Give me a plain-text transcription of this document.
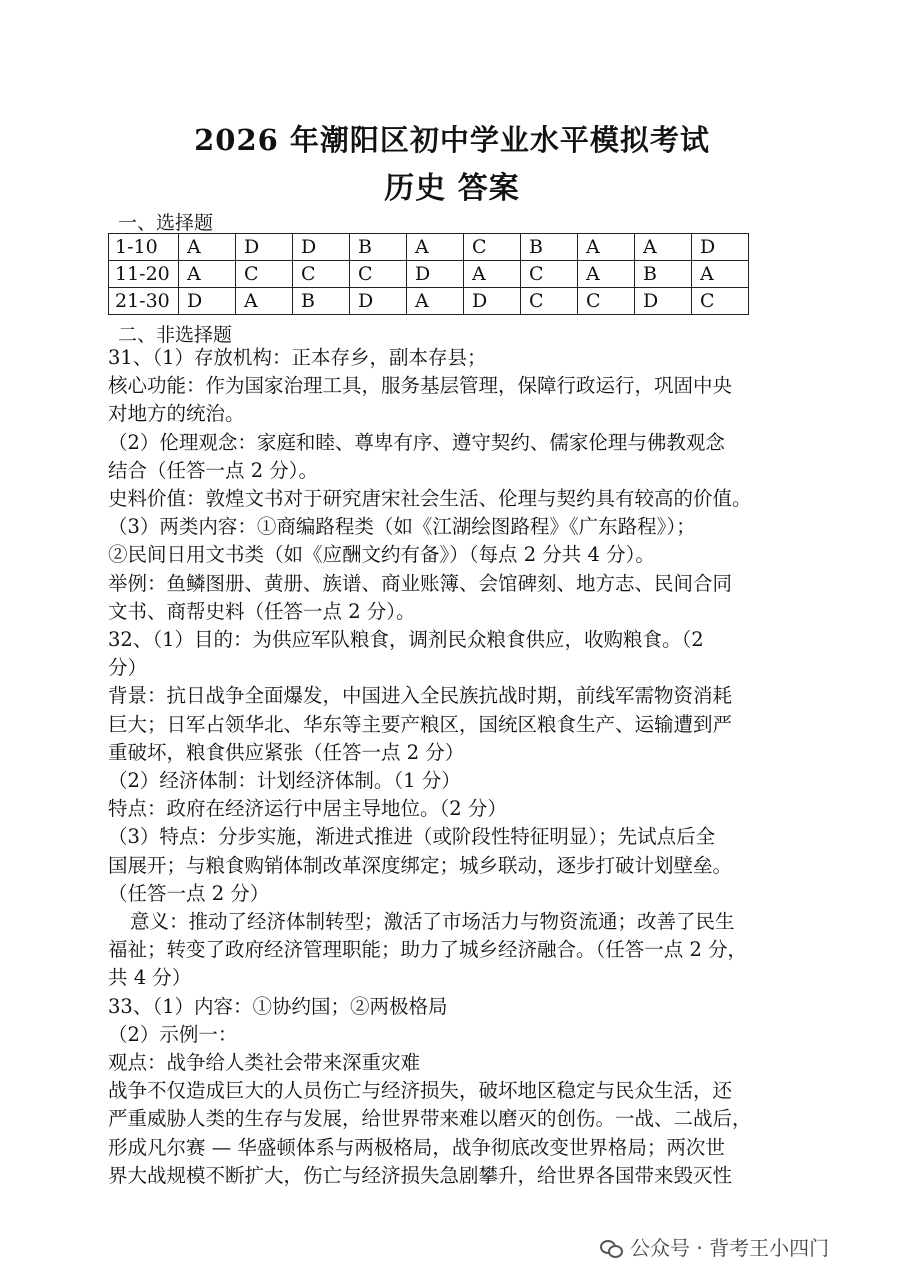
2026 年潮阳区初中学业水平模拟考试
历史 答案
一、选择题
1-10	A	D	D	B	A	C	B	A	A	D
11-20	A	C	C	C	D	A	C	A	B	A
21-30	D	A	B	D	A	D	C	C	D	C
二、非选择题

31、（1）存放机构：正本存乡，副本存县；

核心功能：作为国家治理工具，服务基层管理，保障行政运行，巩固中央

对地方的统治。

（2）伦理观念：家庭和睦、尊卑有序、遵守契约、儒家伦理与佛教观念

结合（任答一点 2 分）。

史料价值：敦煌文书对于研究唐宋社会生活、伦理与契约具有较高的价值。

（3）两类内容：①商编路程类（如《江湖绘图路程》《广东路程》）；

②民间日用文书类（如《应酬文约有备》）（每点 2 分共 4 分）。

举例：鱼鳞图册、黄册、族谱、商业账簿、会馆碑刻、地方志、民间合同

文书、商帮史料（任答一点 2 分）。

32、（1）目的：为供应军队粮食，调剂民众粮食供应，收购粮食。（2

分）

背景：抗日战争全面爆发，中国进入全民族抗战时期，前线军需物资消耗

巨大；日军占领华北、华东等主要产粮区，国统区粮食生产、运输遭到严

重破坏，粮食供应紧张（任答一点 2 分）

（2）经济体制：计划经济体制。（1 分）

特点：政府在经济运行中居主导地位。（2 分）

（3）特点：分步实施，渐进式推进（或阶段性特征明显）；先试点后全

国展开；与粮食购销体制改革深度绑定；城乡联动，逐步打破计划壁垒。

（任答一点 2 分）

意义：推动了经济体制转型；激活了市场活力与物资流通；改善了民生

福祉；转变了政府经济管理职能；助力了城乡经济融合。（任答一点 2 分，

共 4 分）

33、（1）内容：①协约国；②两极格局

（2）示例一：

观点：战争给人类社会带来深重灾难

战争不仅造成巨大的人员伤亡与经济损失，破坏地区稳定与民众生活，还

严重威胁人类的生存与发展，给世界带来难以磨灭的创伤。一战、二战后，

形成凡尔赛 — 华盛顿体系与两极格局，战争彻底改变世界格局；两次世

界大战规模不断扩大，伤亡与经济损失急剧攀升，给世界各国带来毁灭性

公众号 · 背考王小四门
